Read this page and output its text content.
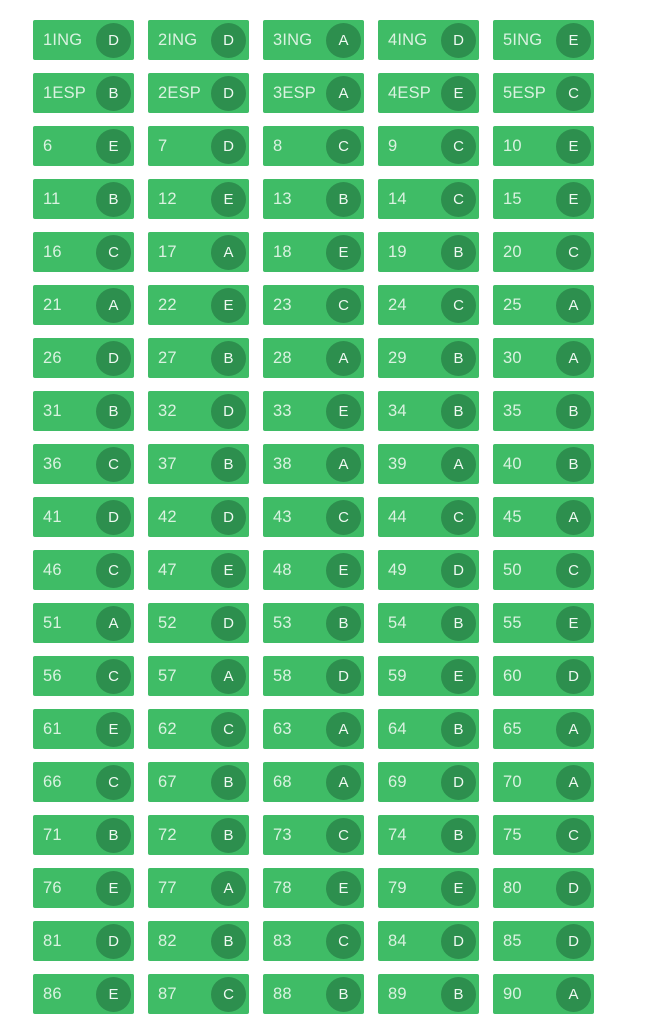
1ING D 2ING D 3ING A 4ING D 5ING E
1ESP B 2ESP D 3ESP A 4ESP E 5ESP C
6	E 7	D 8	C 9	C 10	E
11	B 12	E 13	B 14	C 15	E
16	C 17	A 18	E 19	B 20	C
21	A 22	E 23	C 24	C 25	A
26	D 27	B 28	A 29	B 30	A
31	B 32	D 33	E 34	B 35	B
36	C 37	B 38	A 39	A 40	B
41	D 42	D 43	C 44	C 45	A
46	C 47	E 48	E 49	D 50	C
51	A 52	D 53	B 54	B 55	E
56	C 57	A 58	D 59	E 60	D
61	E 62	C 63	A 64	B 65	A
66	C 67	B 68	A 69	D 70	A
71	B 72	B 73	C 74	B 75	C
76	E 77	A 78	E 79	E 80	D
81	D 82	B 83	C 84	D 85	D
86	E 87	C 88	B 89	B 90	A
